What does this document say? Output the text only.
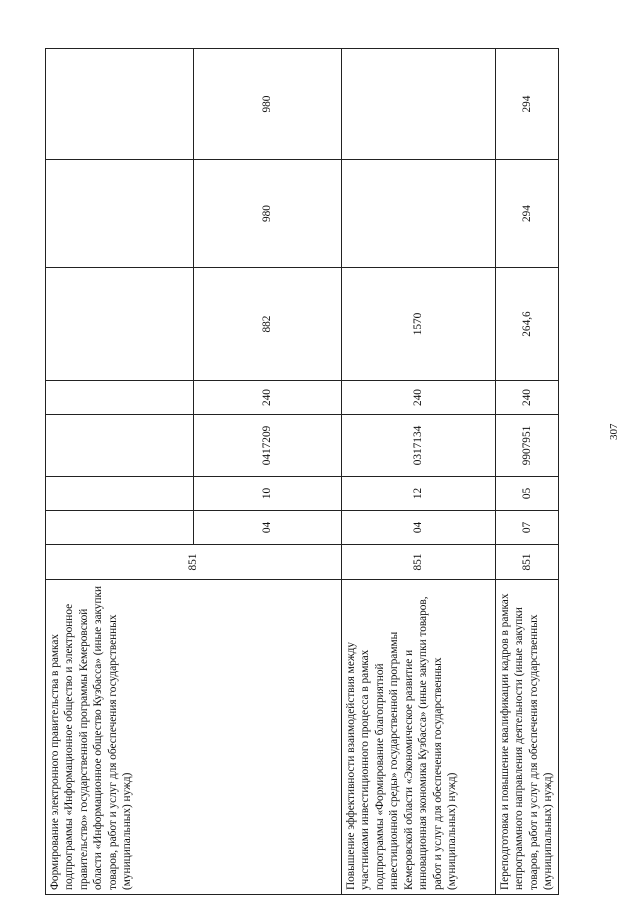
307
Формирование электронного правительства в рамках подпрограммы «Информационное общество и электронное правительство» государственной программы Кемеровской области «Информационное общество Кузбасса» (иные закупки товаров, работ и услуг для обеспечения государственных (муниципальных) нужд)	851							
		04	10	0417209	240	882	980	980
Повышение эффективности взаимодействия между участниками инвестиционного процесса в рамках подпрограммы «Формирование благоприятной инвестиционной среды» государственной программы Кемеровской области «Экономическое развитие и инновационная экономика Кузбасса» (иные закупки товаров, работ и услуг для обеспечения государственных (муниципальных) нужд)	851	04	12	0317134	240	1570		
Переподготовка и повышение квалификации кадров в рамках непрограммного направления деятельности (иные закупки товаров, работ и услуг для обеспечения государственных (муниципальных) нужд)	851	07	05	9907951	240	264,6	294	294
